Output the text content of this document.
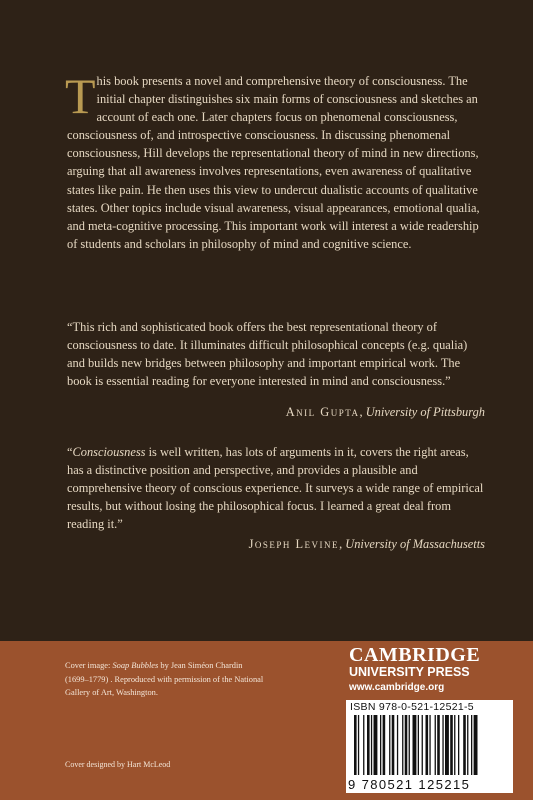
This book presents a novel and comprehensive theory of consciousness. The initial chapter distinguishes six main forms of consciousness and sketches an account of each one. Later chapters focus on phenomenal consciousness, consciousness of, and introspective consciousness. In discussing phenomenal consciousness, Hill develops the representational theory of mind in new directions, arguing that all awareness involves representations, even awareness of qualitative states like pain. He then uses this view to undercut dualistic accounts of qualitative states. Other topics include visual awareness, visual appearances, emotional qualia, and meta-cognitive processing. This important work will interest a wide readership of students and scholars in philosophy of mind and cognitive science.

“This rich and sophisticated book offers the best representational theory of consciousness to date. It illuminates difficult philosophical concepts (e.g. qualia) and builds new bridges between philosophy and important empirical work. The book is essential reading for everyone interested in mind and consciousness.”

Anil Gupta, University of Pittsburgh

“Consciousness is well written, has lots of arguments in it, covers the right areas, has a distinctive position and perspective, and provides a plausible and comprehensive theory of conscious experience. It surveys a wide range of empirical results, but without losing the philosophical focus. I learned a great deal from reading it.”

Joseph Levine, University of Massachusetts
Cover image: Soap Bubbles by Jean Siméon Chardin (1699–1779) . Reproduced with permission of the National Gallery of Art, Washington.
Cover designed by Hart McLeod
CAMBRIDGE
UNIVERSITY PRESS
www.cambridge.org
ISBN 978-0-521-12521-5
9 780521 125215
